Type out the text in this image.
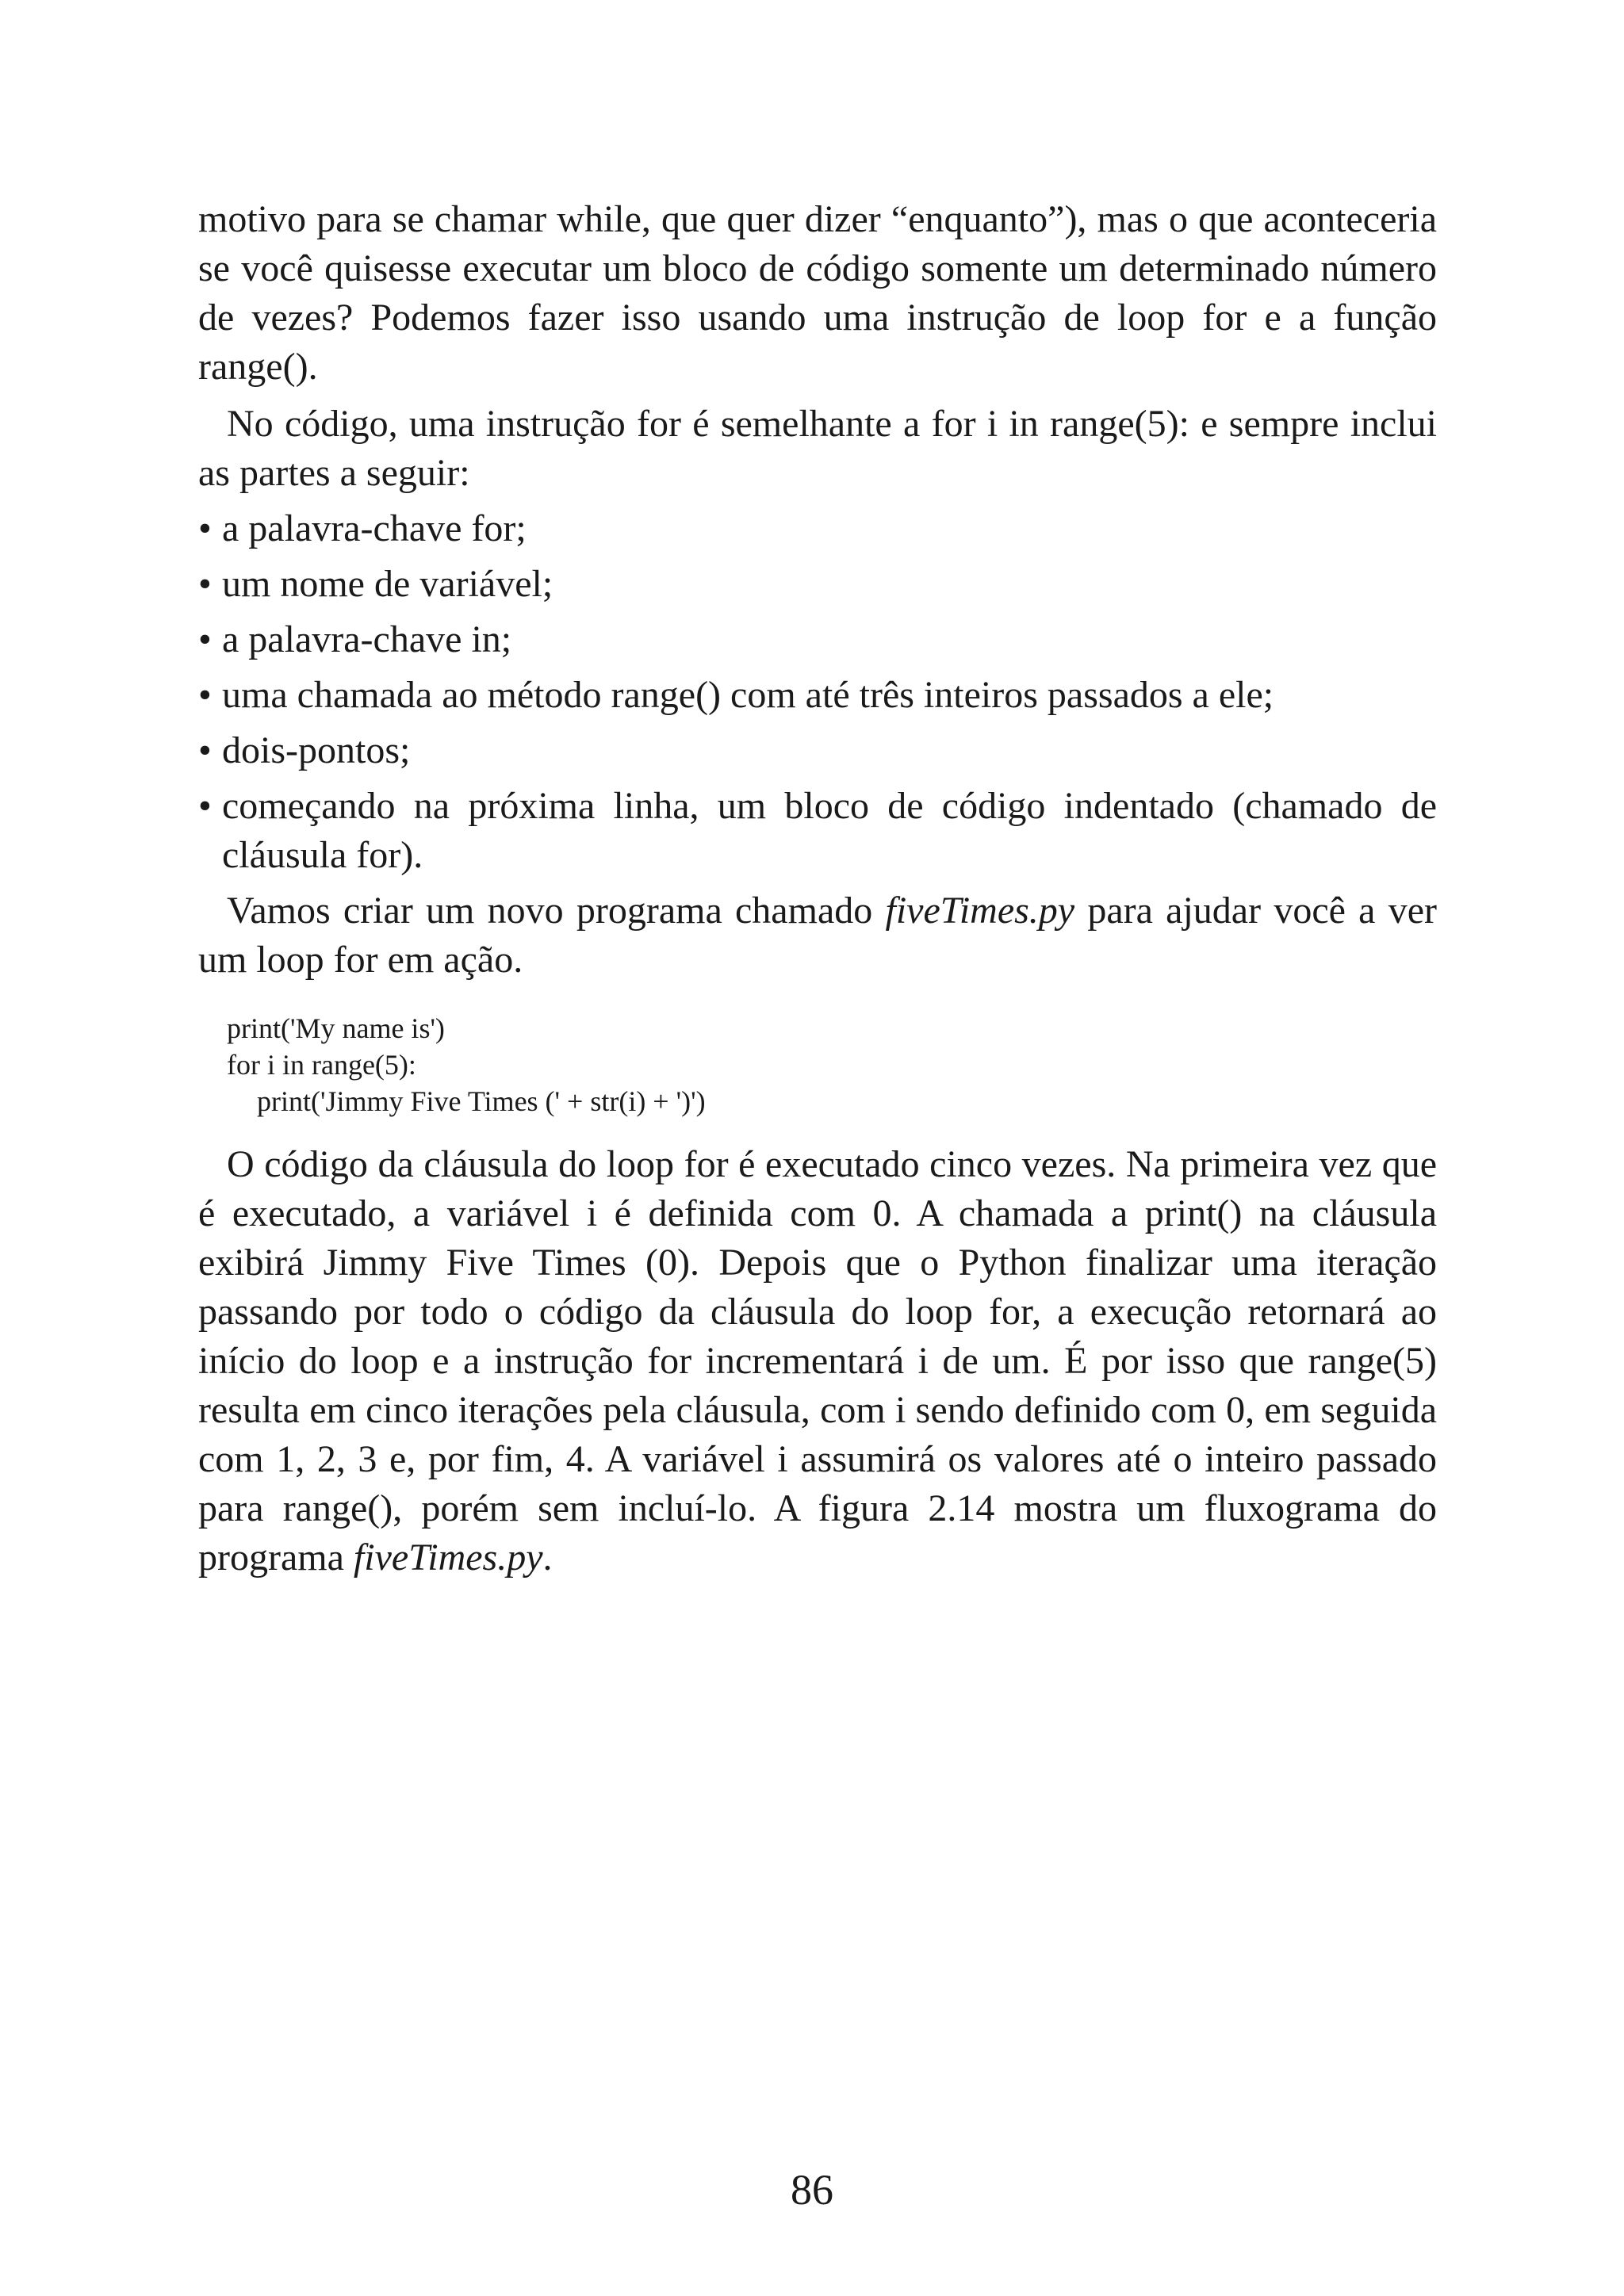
motivo para se chamar while, que quer dizer “enquanto”), mas o que aconteceria se você quisesse executar um bloco de código somente um determinado número de vezes? Podemos fazer isso usando uma instrução de loop for e a função range().

No código, uma instrução for é semelhante a for i in range(5): e sempre inclui as partes a seguir:

• a palavra-chave for;
• um nome de variável;
• a palavra-chave in;
• uma chamada ao método range() com até três inteiros passados a ele;
• dois-pontos;
• começando na próxima linha, um bloco de código indentado (chamado de cláusula for).

Vamos criar um novo programa chamado fiveTimes.py para ajudar você a ver um loop for em ação.

print('My name is')
for i in range(5):
print('Jimmy Five Times (' + str(i) + ')')

O código da cláusula do loop for é executado cinco vezes. Na primeira vez que é executado, a variável i é definida com 0. A chamada a print() na cláusula exibirá Jimmy Five Times (0). Depois que o Python finalizar uma iteração passando por todo o código da cláusula do loop for, a execução retornará ao início do loop e a instrução for incrementará i de um. É por isso que range(5) resulta em cinco iterações pela cláusula, com i sendo definido com 0, em seguida com 1, 2, 3 e, por fim, 4. A variável i assumirá os valores até o inteiro passado para range(), porém sem incluí-lo. A figura 2.14 mostra um fluxograma do programa fiveTimes.py.

86
